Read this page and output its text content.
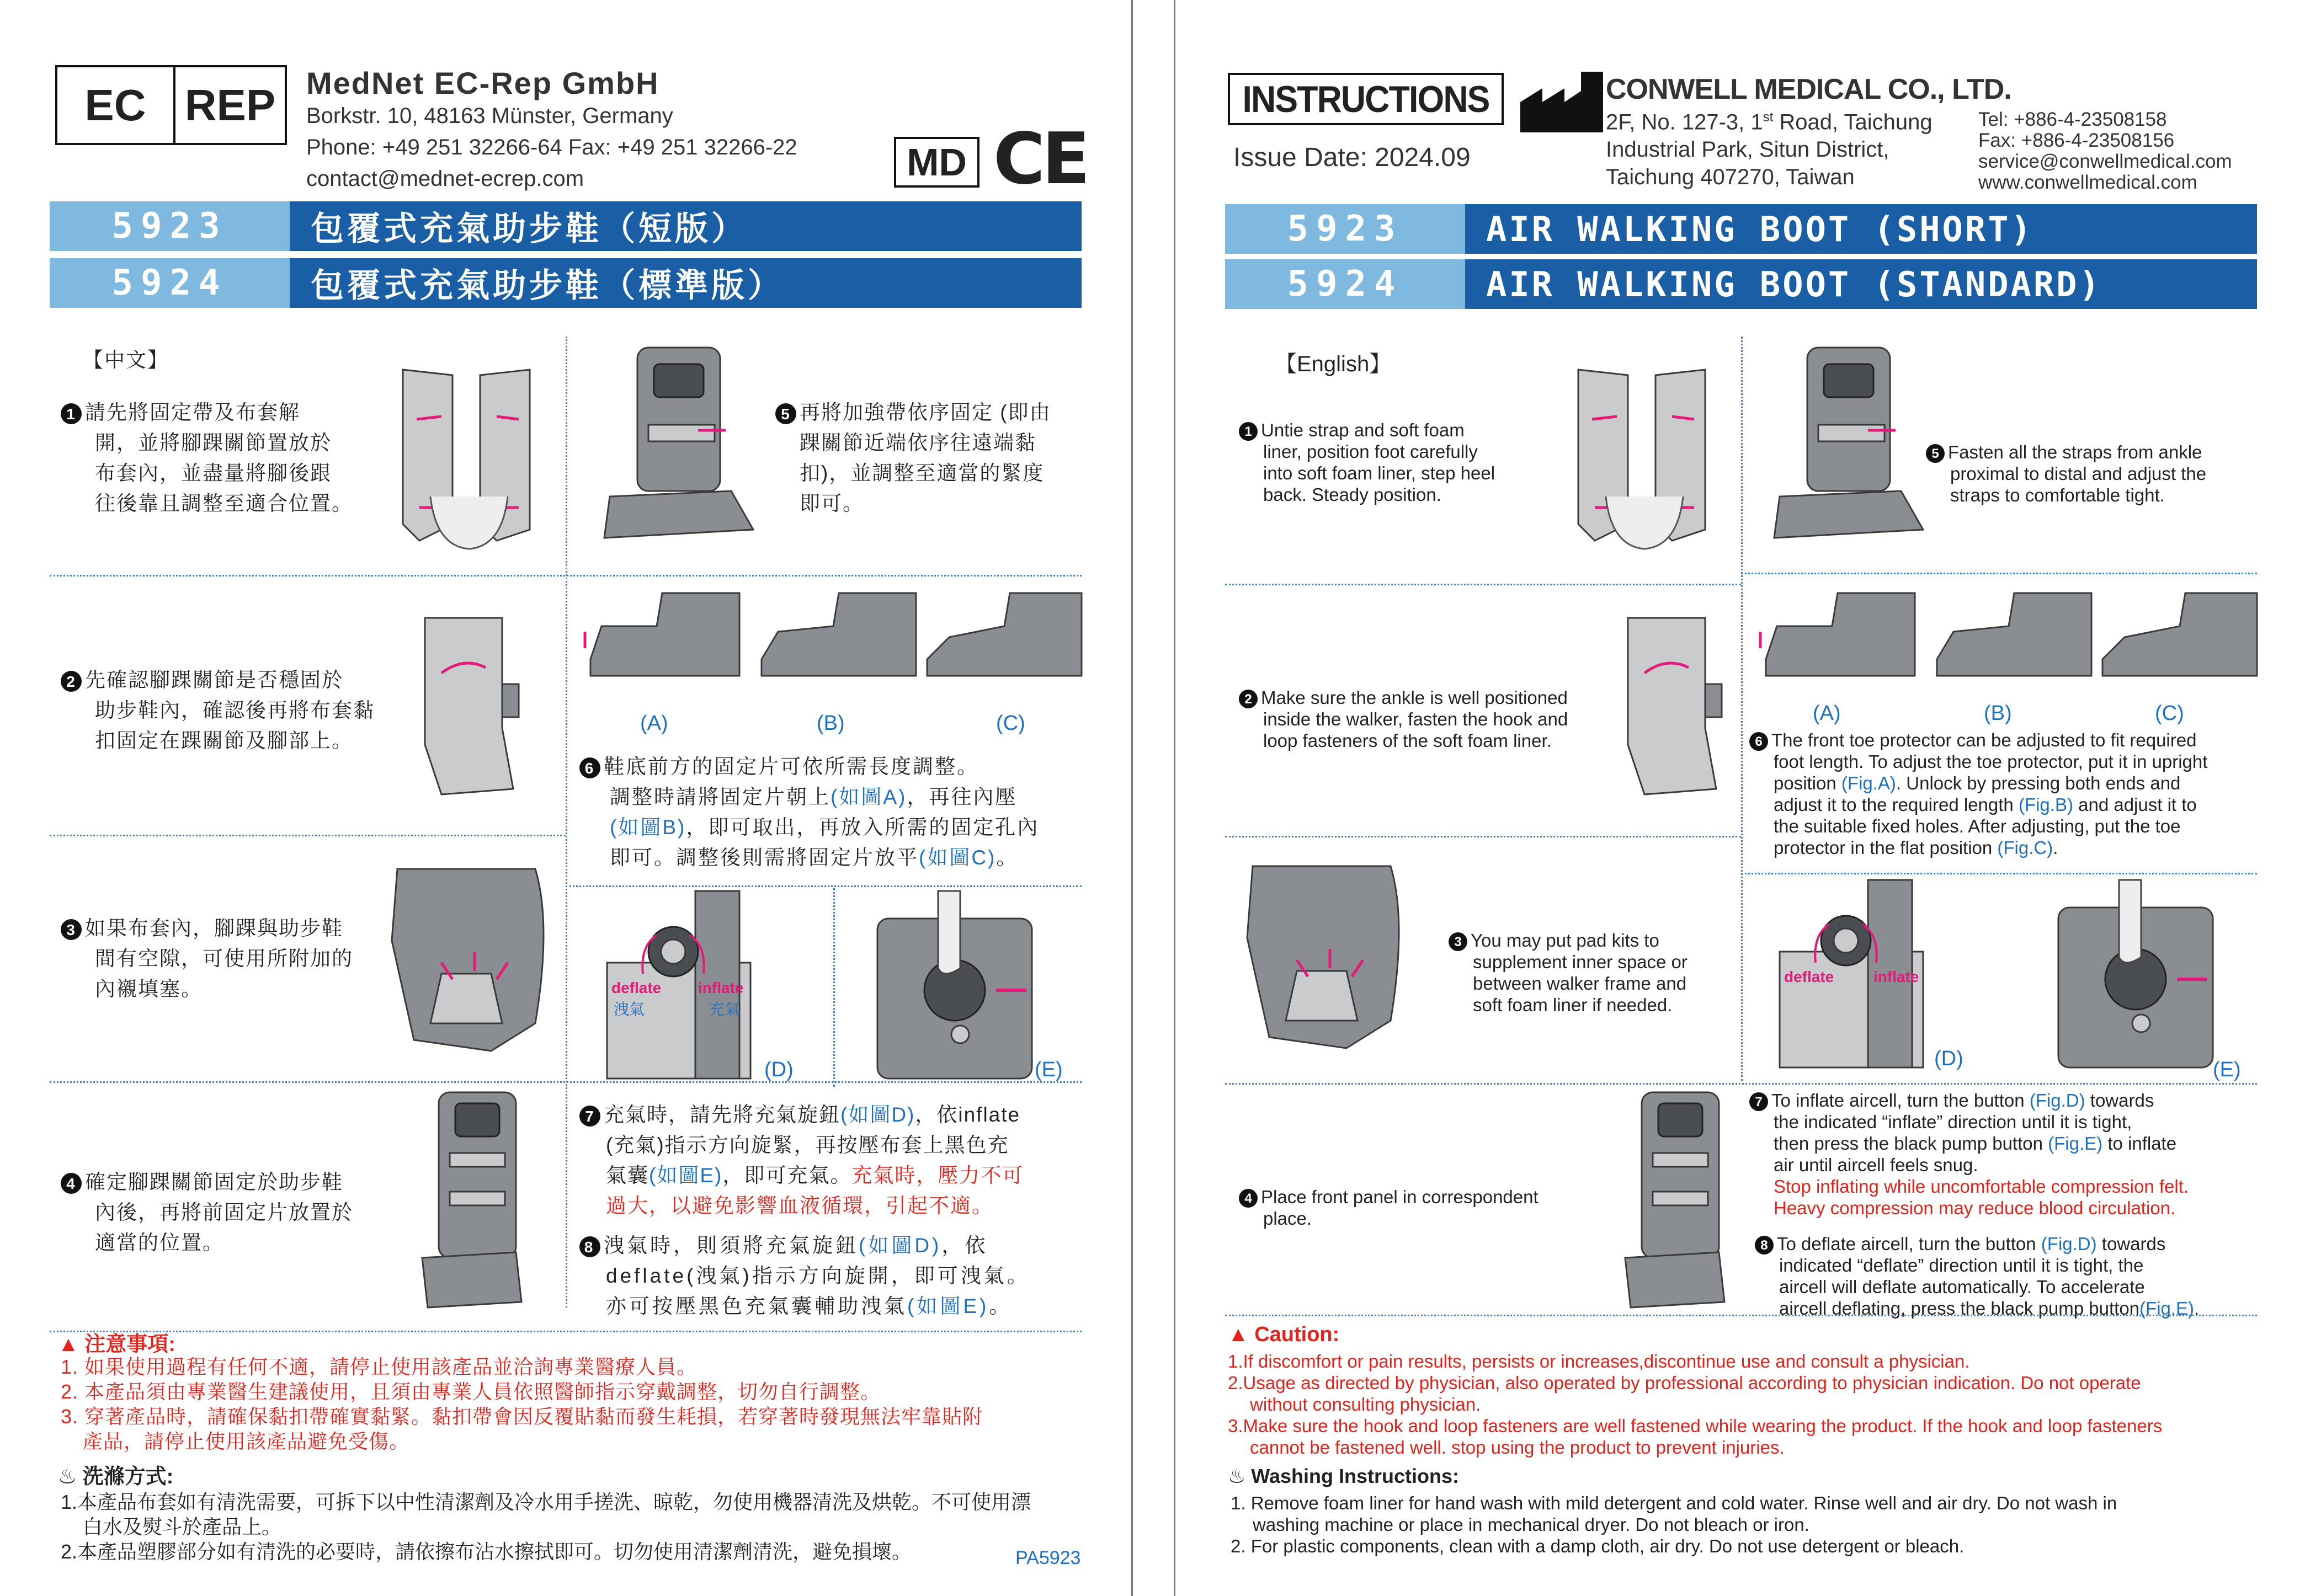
EC REP MedNet EC-Rep GmbH
Borkstr. 10, 48163 Münster, Germany
Phone: +49 251 32266-64 Fax: +49 251 32266-22
contact@mednet-ecrep.com	MD CE
5923	包覆式充氣助步鞋（短版）
5924	包覆式充氣助步鞋（標準版）
【中文】
1 請先將固定帶及布套解
開，並將腳踝關節置放於
布套內，並盡量將腳後跟
往後靠且調整至適合位置。
5 再將加強帶依序固定 (即由
踝關節近端依序往遠端黏
扣)，並調整至適當的緊度
即可。
2 先確認腳踝關節是否穩固於
助步鞋內，確認後再將布套黏
扣固定在踝關節及腳部上。
(A)	(B)	(C)
6 鞋底前方的固定片可依所需長度調整。
調整時請將固定片朝上(如圖A)，再往內壓
(如圖B)，即可取出，再放入所需的固定孔內
即可。調整後則需將固定片放平(如圖C)。
3 如果布套內，腳踝與助步鞋
間有空隙，可使用所附加的
內襯填塞。	deflate inflate
洩氣	充氣
(D)	(E)
4 確定腳踝關節固定於助步鞋
內後，再將前固定片放置於
適當的位置。
7 充氣時，請先將充氣旋鈕(如圖D)，依inflate
(充氣)指示方向旋緊，再按壓布套上黑色充
氣囊(如圖E)，即可充氣。充氣時，壓力不可
過大，以避免影響血液循環，引起不適。
8 洩氣時，則須將充氣旋鈕(如圖D)，依
deflate(洩氣)指示方向旋開，即可洩氣。
亦可按壓黑色充氣囊輔助洩氣(如圖E)。
▲ 注意事項:
1. 如果使用過程有任何不適，請停止使用該產品並洽詢專業醫療人員。
2. 本產品須由專業醫生建議使用，且須由專業人員依照醫師指示穿戴調整，切勿自行調整。
3. 穿著產品時，請確保黏扣帶確實黏緊。黏扣帶會因反覆貼黏而發生耗損，若穿著時發現無法牢靠貼附
產品，請停止使用該產品避免受傷。
♨ 洗滌方式:
1.本產品布套如有清洗需要，可拆下以中性清潔劑及冷水用手搓洗、晾乾，勿使用機器清洗及烘乾。不可使用漂
白水及熨斗於產品上。
2.本產品塑膠部分如有清洗的必要時，請依擦布沾水擦拭即可。切勿使用清潔劑清洗，避免損壞。	PA5923
INSTRUCTIONS
Issue Date: 2024.09
CONWELL MEDICAL CO., LTD.
2F, No. 127-3, 1st Road, Taichung
Industrial Park, Situn District,
Taichung 407270, Taiwan
Tel: +886-4-23508158
Fax: +886-4-23508156
service@conwellmedical.com
www.conwellmedical.com
5923	AIR WALKING BOOT (SHORT)
5924	AIR WALKING BOOT (STANDARD)
【English】
1 Untie strap and soft foam
liner, position foot carefully
into soft foam liner, step heel
back. Steady position.
5 Fasten all the straps from ankle
proximal to distal and adjust the
straps to comfortable tight.
2 Make sure the ankle is well positioned
inside the walker, fasten the hook and
loop fasteners of the soft foam liner.
(A)	(B)	(C)
6 The front toe protector can be adjusted to fit required
foot length. To adjust the toe protector, put it in upright
position (Fig.A). Unlock by pressing both ends and
adjust it to the required length (Fig.B) and adjust it to
the suitable fixed holes. After adjusting, put the toe
protector in the flat position (Fig.C).
3 You may put pad kits to
supplement inner space or
between walker frame and
soft foam liner if needed.
deflate	inflate
(D)	(E)
4 Place front panel in correspondent
place.
7 To inflate aircell, turn the button (Fig.D) towards
the indicated “inflate” direction until it is tight,
then press the black pump button (Fig.E) to inflate
air until aircell feels snug.
Stop inflating while uncomfortable compression felt.
Heavy compression may reduce blood circulation.
8 To deflate aircell, turn the button (Fig.D) towards
indicated “deflate” direction until it is tight, the
aircell will deflate automatically. To accelerate
aircell deflating, press the black pump button(Fig.E).
▲ Caution:
1.If discomfort or pain results, persists or increases,discontinue use and consult a physician.
2.Usage as directed by physician, also operated by professional according to physician indication. Do not operate
without consulting physician.
3.Make sure the hook and loop fasteners are well fastened while wearing the product. If the hook and loop fasteners
cannot be fastened well. stop using the product to prevent injuries.
♨ Washing Instructions:
1. Remove foam liner for hand wash with mild detergent and cold water. Rinse well and air dry. Do not wash in
washing machine or place in mechanical dryer. Do not bleach or iron.
2. For plastic components, clean with a damp cloth, air dry. Do not use detergent or bleach.
